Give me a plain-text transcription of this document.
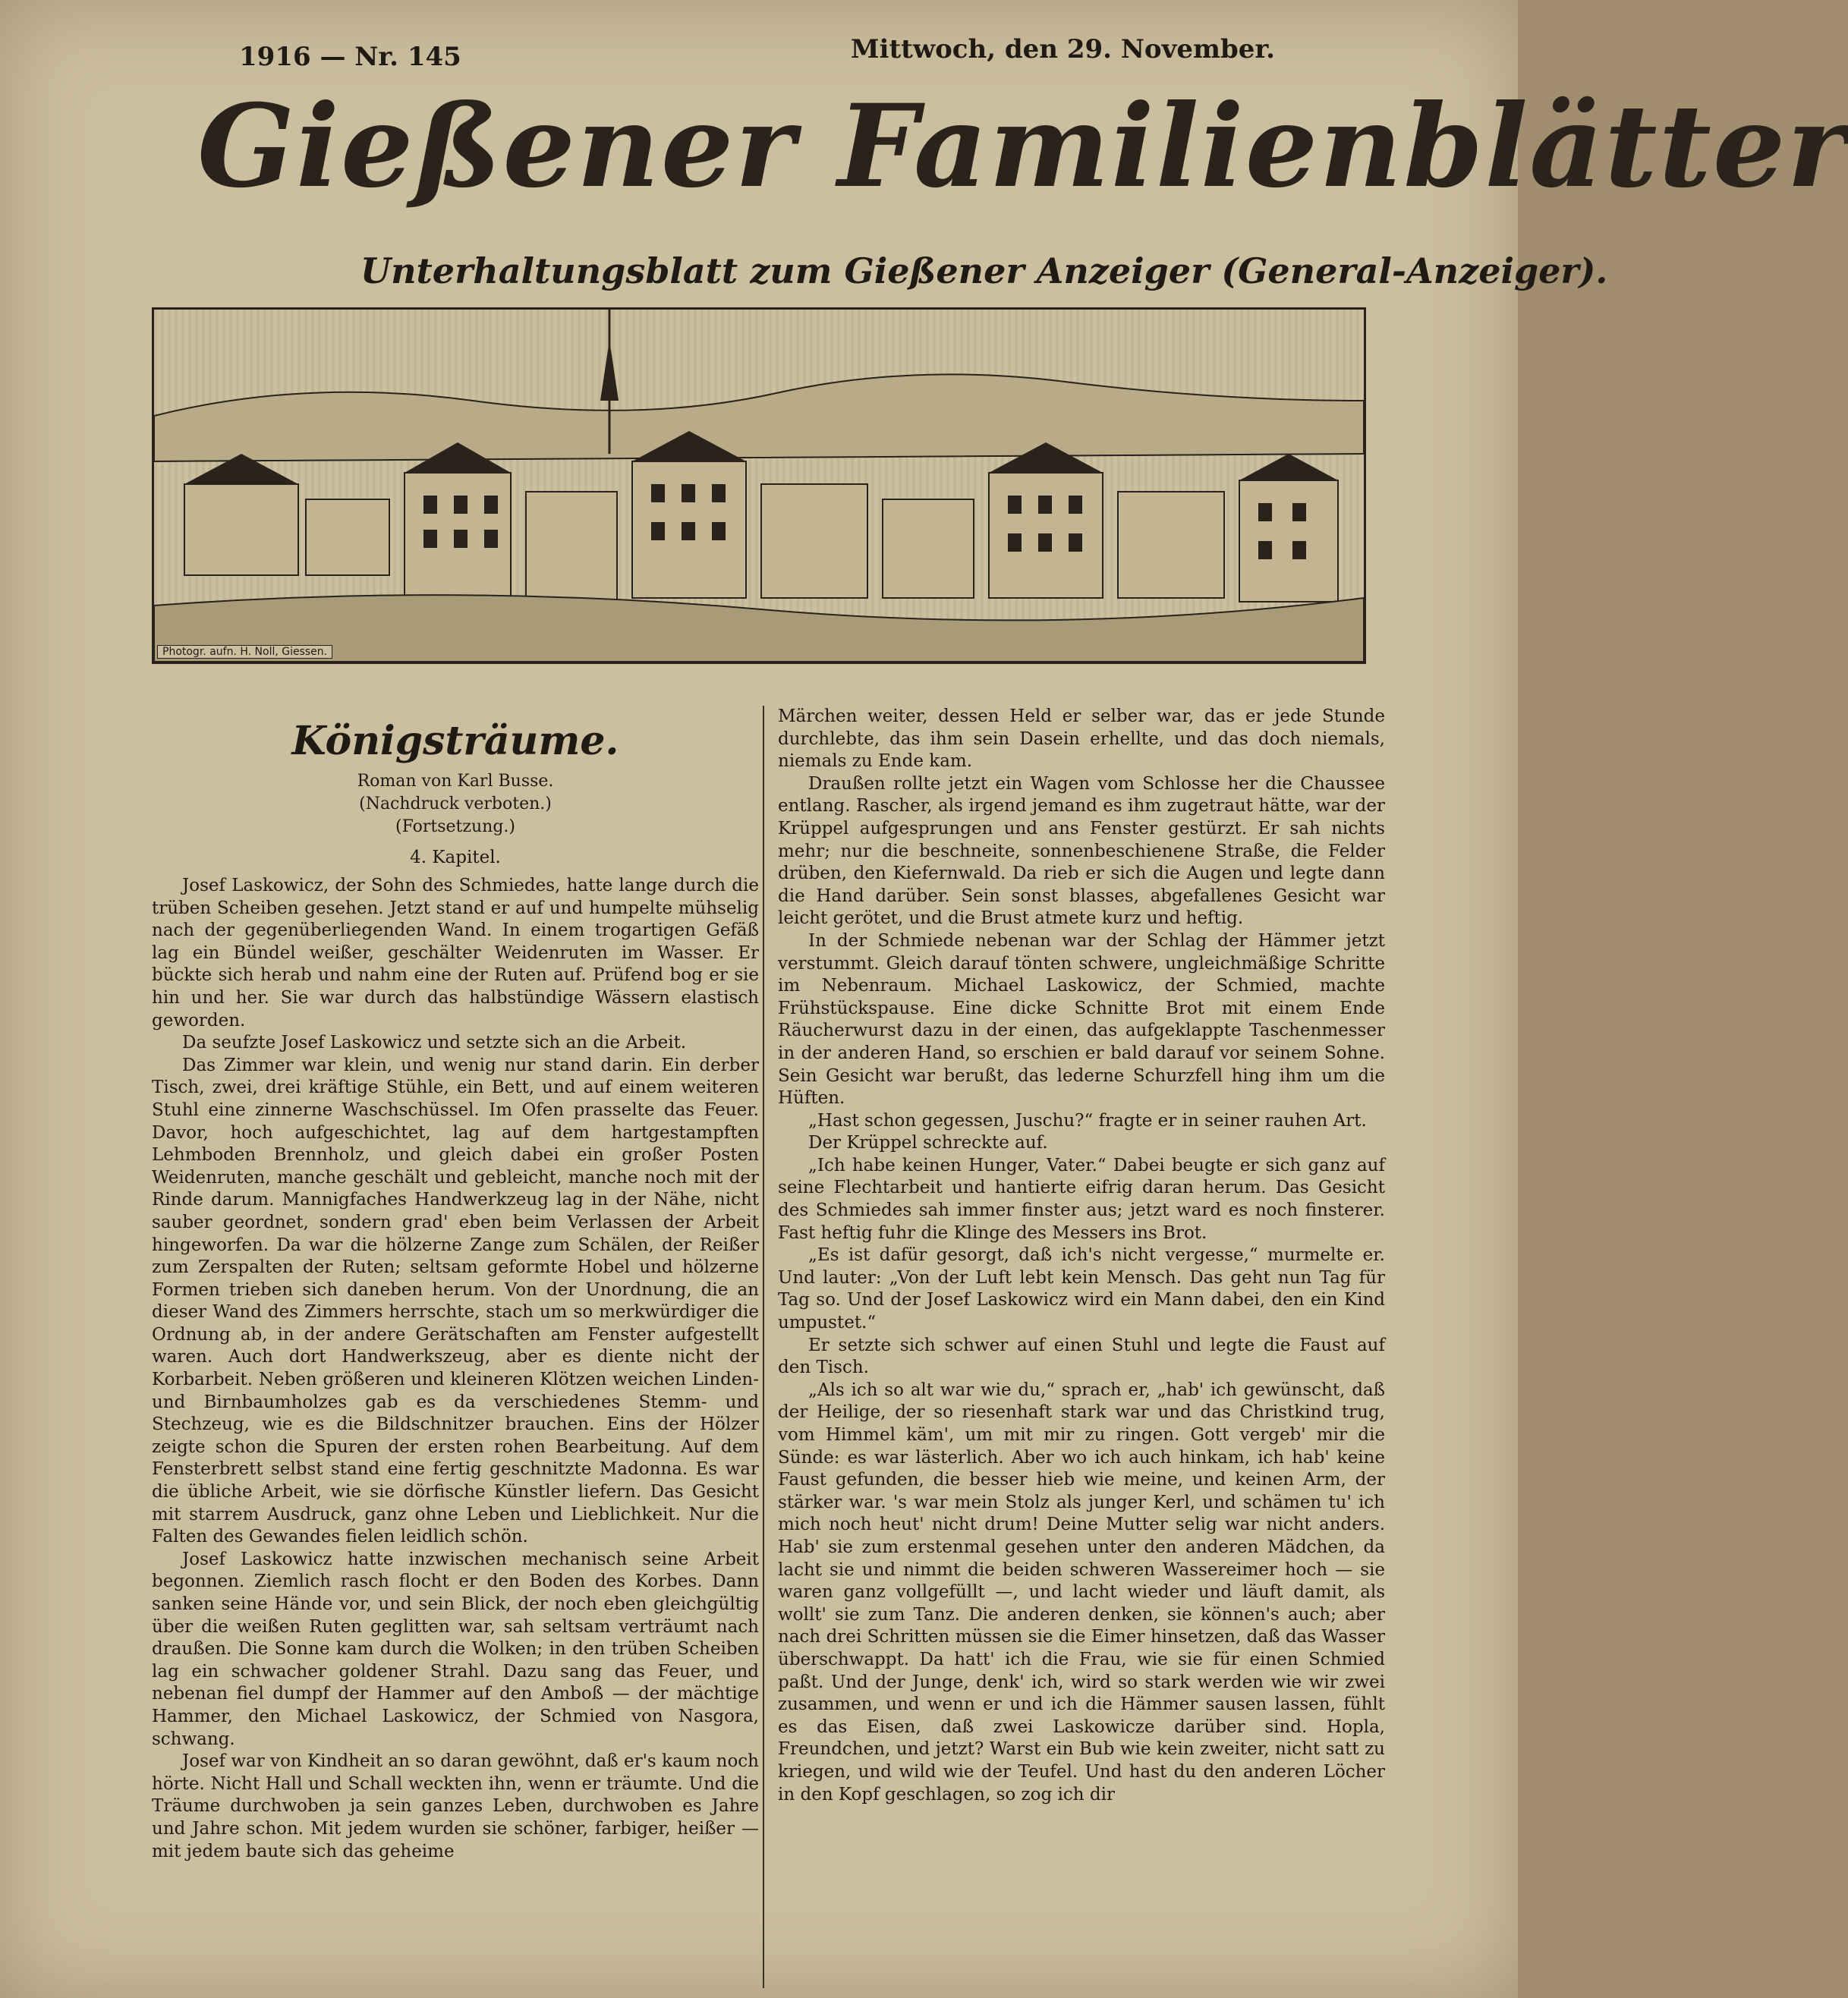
1916 — Nr. 145	Mittwoch, den 29. November.
Gießener Familienblätter
Unterhaltungsblatt zum Gießener Anzeiger (General-Anzeiger).
Photogr. aufn. H. Noll, Giessen.
Königsträume.
Roman von Karl Busse.
(Nachdruck verboten.)
(Fortsetzung.)
4. Kapitel.

Josef Laskowicz, der Sohn des Schmiedes, hatte lange durch die trüben Scheiben gesehen. Jetzt stand er auf und humpelte mühselig nach der gegenüberliegenden Wand. In einem trogartigen Gefäß lag ein Bündel weißer, geschälter Weidenruten im Wasser. Er bückte sich herab und nahm eine der Ruten auf. Prüfend bog er sie hin und her. Sie war durch das halbstündige Wässern elastisch geworden.

Da seufzte Josef Laskowicz und setzte sich an die Arbeit.

Das Zimmer war klein, und wenig nur stand darin. Ein derber Tisch, zwei, drei kräftige Stühle, ein Bett, und auf einem weiteren Stuhl eine zinnerne Waschschüssel. Im Ofen prasselte das Feuer. Davor, hoch aufgeschichtet, lag auf dem hartgestampften Lehmboden Brennholz, und gleich dabei ein großer Posten Weidenruten, manche geschält und gebleicht, manche noch mit der Rinde darum. Mannigfaches Handwerkzeug lag in der Nähe, nicht sauber geordnet, sondern grad' eben beim Verlassen der Arbeit hingeworfen. Da war die hölzerne Zange zum Schälen, der Reißer zum Zerspalten der Ruten; seltsam geformte Hobel und hölzerne Formen trieben sich daneben herum. Von der Unordnung, die an dieser Wand des Zimmers herrschte, stach um so merkwürdiger die Ordnung ab, in der andere Gerätschaften am Fenster aufgestellt waren. Auch dort Handwerkszeug, aber es diente nicht der Korbarbeit. Neben größeren und kleineren Klötzen weichen Linden- und Birnbaumholzes gab es da verschiedenes Stemm- und Stechzeug, wie es die Bildschnitzer brauchen. Eins der Hölzer zeigte schon die Spuren der ersten rohen Bearbeitung. Auf dem Fensterbrett selbst stand eine fertig geschnitzte Madonna. Es war die übliche Arbeit, wie sie dörfische Künstler liefern. Das Gesicht mit starrem Ausdruck, ganz ohne Leben und Lieblichkeit. Nur die Falten des Gewandes fielen leidlich schön.

Josef Laskowicz hatte inzwischen mechanisch seine Arbeit begonnen. Ziemlich rasch flocht er den Boden des Korbes. Dann sanken seine Hände vor, und sein Blick, der noch eben gleichgültig über die weißen Ruten geglitten war, sah seltsam verträumt nach draußen. Die Sonne kam durch die Wolken; in den trüben Scheiben lag ein schwacher goldener Strahl. Dazu sang das Feuer, und nebenan fiel dumpf der Hammer auf den Amboß — der mächtige Hammer, den Michael Laskowicz, der Schmied von Nasgora, schwang.

Josef war von Kindheit an so daran gewöhnt, daß er's kaum noch hörte. Nicht Hall und Schall weckten ihn, wenn er träumte. Und die Träume durchwoben ja sein ganzes Leben, durchwoben es Jahre und Jahre schon. Mit jedem wurden sie schöner, farbiger, heißer — mit jedem baute sich das geheime

Märchen weiter, dessen Held er selber war, das er jede Stunde durchlebte, das ihm sein Dasein erhellte, und das doch niemals, niemals zu Ende kam.

Draußen rollte jetzt ein Wagen vom Schlosse her die Chaussee entlang. Rascher, als irgend jemand es ihm zugetraut hätte, war der Krüppel aufgesprungen und ans Fenster gestürzt. Er sah nichts mehr; nur die beschneite, sonnenbeschienene Straße, die Felder drüben, den Kiefernwald. Da rieb er sich die Augen und legte dann die Hand darüber. Sein sonst blasses, abgefallenes Gesicht war leicht gerötet, und die Brust atmete kurz und heftig.

In der Schmiede nebenan war der Schlag der Hämmer jetzt verstummt. Gleich darauf tönten schwere, ungleichmäßige Schritte im Nebenraum. Michael Laskowicz, der Schmied, machte Frühstückspause. Eine dicke Schnitte Brot mit einem Ende Räucherwurst dazu in der einen, das aufgeklappte Taschenmesser in der anderen Hand, so erschien er bald darauf vor seinem Sohne. Sein Gesicht war berußt, das lederne Schurzfell hing ihm um die Hüften.

„Hast schon gegessen, Juschu?“ fragte er in seiner rauhen Art.

Der Krüppel schreckte auf.

„Ich habe keinen Hunger, Vater.“ Dabei beugte er sich ganz auf seine Flechtarbeit und hantierte eifrig daran herum. Das Gesicht des Schmiedes sah immer finster aus; jetzt ward es noch finsterer. Fast heftig fuhr die Klinge des Messers ins Brot.

„Es ist dafür gesorgt, daß ich's nicht vergesse,“ murmelte er. Und lauter: „Von der Luft lebt kein Mensch. Das geht nun Tag für Tag so. Und der Josef Laskowicz wird ein Mann dabei, den ein Kind umpustet.“

Er setzte sich schwer auf einen Stuhl und legte die Faust auf den Tisch.

„Als ich so alt war wie du,“ sprach er, „hab' ich gewünscht, daß der Heilige, der so riesenhaft stark war und das Christkind trug, vom Himmel käm', um mit mir zu ringen. Gott vergeb' mir die Sünde: es war lästerlich. Aber wo ich auch hinkam, ich hab' keine Faust gefunden, die besser hieb wie meine, und keinen Arm, der stärker war. 's war mein Stolz als junger Kerl, und schämen tu' ich mich noch heut' nicht drum! Deine Mutter selig war nicht anders. Hab' sie zum erstenmal gesehen unter den anderen Mädchen, da lacht sie und nimmt die beiden schweren Wassereimer hoch — sie waren ganz vollgefüllt —, und lacht wieder und läuft damit, als wollt' sie zum Tanz. Die anderen denken, sie können's auch; aber nach drei Schritten müssen sie die Eimer hinsetzen, daß das Wasser überschwappt. Da hatt' ich die Frau, wie sie für einen Schmied paßt. Und der Junge, denk' ich, wird so stark werden wie wir zwei zusammen, und wenn er und ich die Hämmer sausen lassen, fühlt es das Eisen, daß zwei Laskowicze darüber sind. Hopla, Freundchen, und jetzt? Warst ein Bub wie kein zweiter, nicht satt zu kriegen, und wild wie der Teufel. Und hast du den anderen Löcher in den Kopf geschlagen, so zog ich dir
